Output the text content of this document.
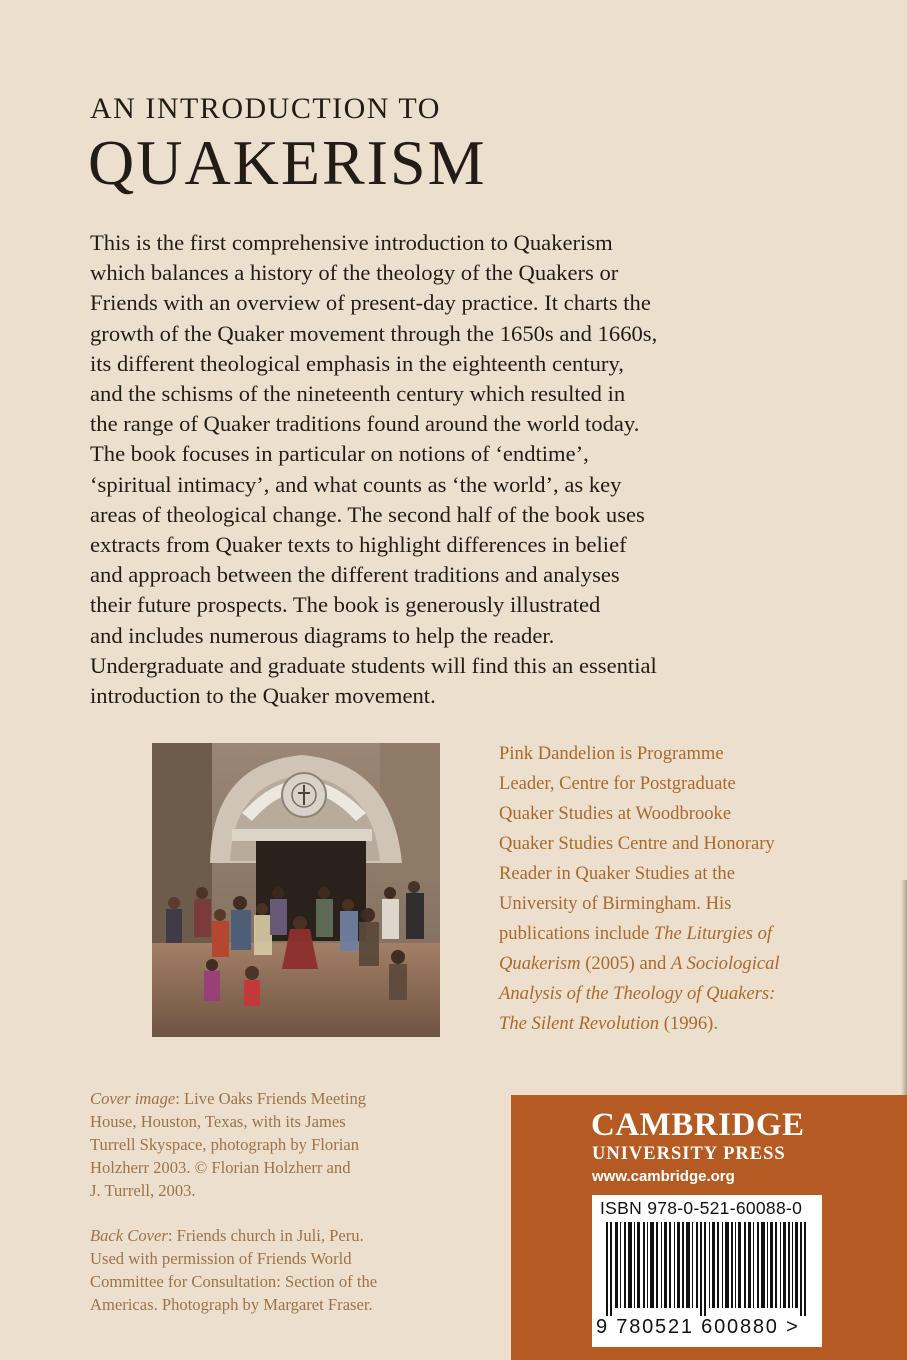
AN INTRODUCTION TO
QUAKERISM
This is the first comprehensive introduction to Quakerism
which balances a history of the theology of the Quakers or
Friends with an overview of present-day practice. It charts the
growth of the Quaker movement through the 1650s and 1660s,
its different theological emphasis in the eighteenth century,
and the schisms of the nineteenth century which resulted in
the range of Quaker traditions found around the world today.
The book focuses in particular on notions of ‘endtime’,
‘spiritual intimacy’, and what counts as ‘the world’, as key
areas of theological change. The second half of the book uses
extracts from Quaker texts to highlight differences in belief
and approach between the different traditions and analyses
their future prospects. The book is generously illustrated
and includes numerous diagrams to help the reader.
Undergraduate and graduate students will find this an essential
introduction to the Quaker movement.
Pink Dandelion is Programme
Leader, Centre for Postgraduate
Quaker Studies at Woodbrooke
Quaker Studies Centre and Honorary
Reader in Quaker Studies at the
University of Birmingham. His
publications include The Liturgies of
Quakerism (2005) and A Sociological
Analysis of the Theology of Quakers:
The Silent Revolution (1996).
Cover image: Live Oaks Friends Meeting
House, Houston, Texas, with its James
Turrell Skyspace, photograph by Florian
Holzherr 2003. © Florian Holzherr and
J. Turrell, 2003.
Back Cover: Friends church in Juli, Peru.
Used with permission of Friends World
Committee for Consultation: Section of the
Americas. Photograph by Margaret Fraser.
CAMBRIDGE
UNIVERSITY PRESS
www.cambridge.org
ISBN 978-0-521-60088-0
9 780521 600880 >
